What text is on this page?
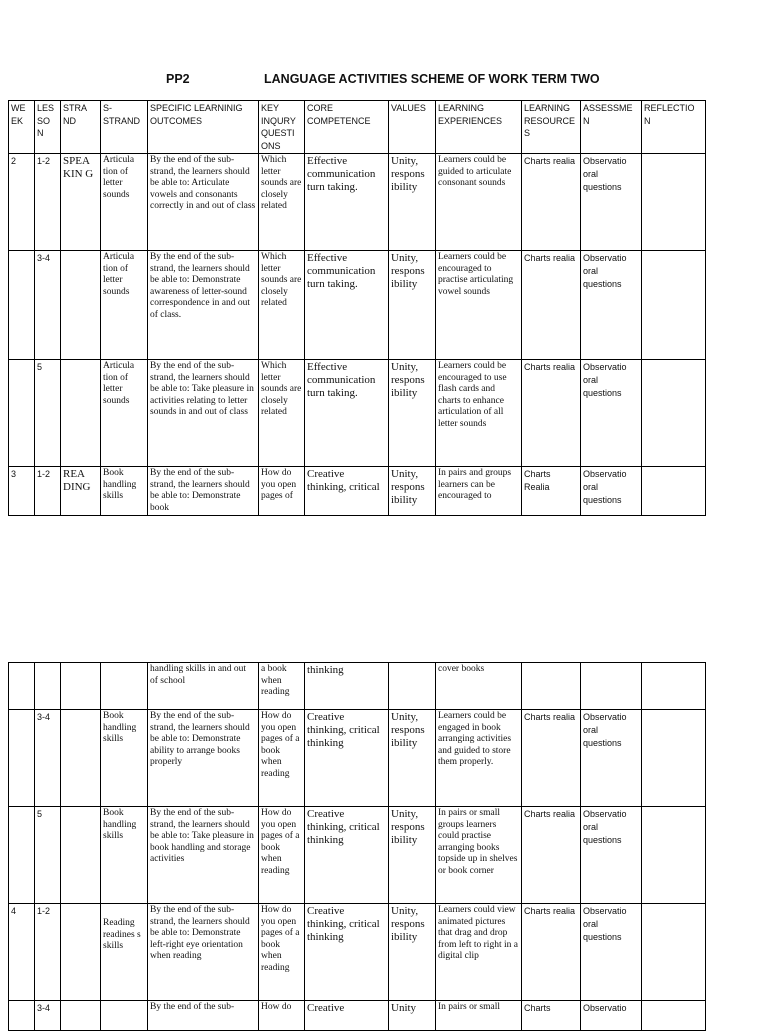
PP2	LANGUAGE ACTIVITIES SCHEME OF WORK TERM TWO
WE EK	LES SO N	STRA ND	S-STRAND	SPECIFIC LEARNINIG OUTCOMES	KEY INQURY QUESTI ONS	CORE COMPETENCE	VALUES	LEARNING EXPERIENCES	LEARNING RESOURCE S	ASSESSME N	REFLECTIO N
2	1-2	SPEA KIN G	Articula tion of letter sounds	By the end of the sub-strand, the learners should be able to: Articulate vowels and consonants correctly in and out of class	Which letter sounds are closely related	Effective communication turn taking.	Unity, respons ibility	Learners could be guided to articulate consonant sounds	Charts realia	Observatio oral questions	
	3-4		Articula tion of letter sounds	By the end of the sub-strand, the learners should be able to: Demonstrate awareness of letter-sound correspondence in and out of class.	Which letter sounds are closely related	Effective communication turn taking.	Unity, respons ibility	Learners could be encouraged to practise articulating vowel sounds	Charts realia	Observatio oral questions	
	5		Articula tion of letter sounds	By the end of the sub-strand, the learners should be able to: Take pleasure in activities relating to letter sounds in and out of class	Which letter sounds are closely related	Effective communication turn taking.	Unity, respons ibility	Learners could be encouraged to use flash cards and charts to enhance articulation of all letter sounds	Charts realia	Observatio oral questions	
3	1-2	REA DING	Book handling skills	By the end of the sub-strand, the learners should be able to: Demonstrate book	How do you open pages of	Creative thinking, critical	Unity, respons ibility	In pairs and groups learners can be encouraged to	Charts Realia	Observatio oral questions	
				handling skills in and out of school	a book when reading	thinking		cover books			
	3-4		Book handling skills	By the end of the sub-strand, the learners should be able to: Demonstrate ability to arrange books properly	How do you open pages of a book when reading	Creative thinking, critical thinking	Unity, respons ibility	Learners could be engaged in book arranging activities and guided to store them properly.	Charts realia	Observatio oral questions	
	5		Book handling skills	By the end of the sub-strand, the learners should be able to: Take pleasure in book handling and storage activities	How do you open pages of a book when reading	Creative thinking, critical thinking	Unity, respons ibility	In pairs or small groups learners could practise arranging books topside up in shelves or book corner	Charts realia	Observatio oral questions	
4	1-2		Reading readines s skills	By the end of the sub-strand, the learners should be able to: Demonstrate left-right eye orientation when reading	How do you open pages of a book when reading	Creative thinking, critical thinking	Unity, respons ibility	Learners could view animated pictures that drag and drop from left to right in a digital clip	Charts realia	Observatio oral questions	
	3-4			By the end of the sub-	How do	Creative	Unity	In pairs or small	Charts	Observatio	
